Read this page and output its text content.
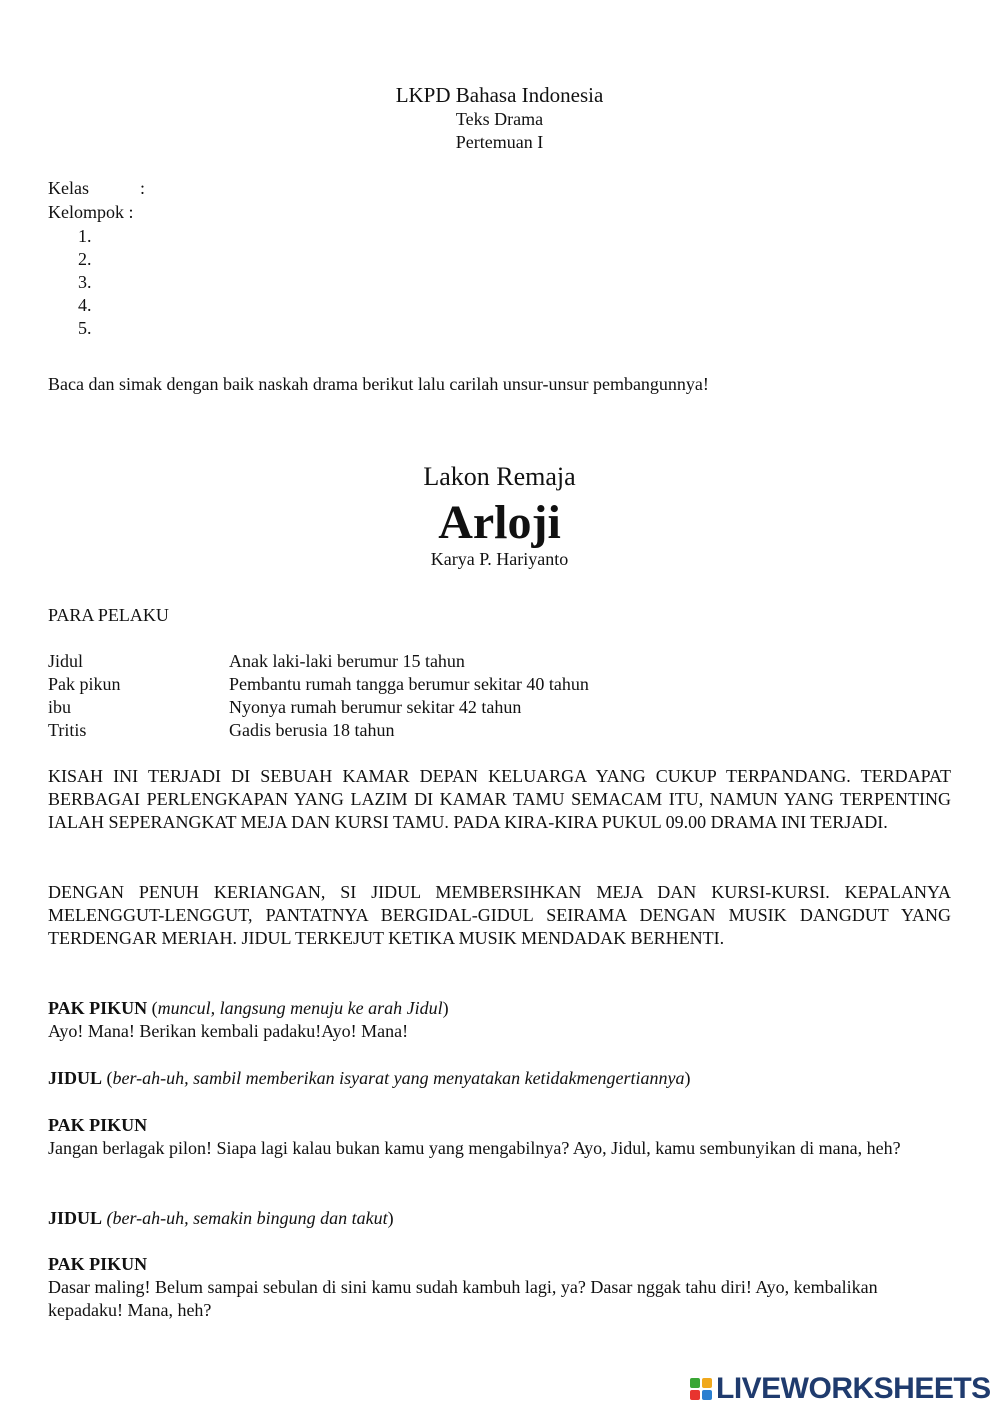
LKPD Bahasa Indonesia
Teks Drama
Pertemuan I
Kelas	:
Kelompok :
1.
2.
3.
4.
5.
Baca dan simak dengan baik naskah drama berikut lalu carilah unsur-unsur pembangunnya!
Lakon Remaja
Arloji
Karya P. Hariyanto
PARA PELAKU
Jidul	Anak laki-laki berumur 15 tahun
Pak pikun	Pembantu rumah tangga berumur sekitar 40 tahun
ibu	Nyonya rumah berumur sekitar 42 tahun
Tritis	Gadis berusia 18 tahun
KISAH INI TERJADI DI SEBUAH KAMAR DEPAN KELUARGA YANG CUKUP TERPANDANG. TERDAPAT BERBAGAI PERLENGKAPAN YANG LAZIM DI KAMAR TAMU SEMACAM ITU, NAMUN YANG TERPENTING IALAH SEPERANGKAT MEJA DAN KURSI TAMU. PADA KIRA-KIRA PUKUL 09.00 DRAMA INI TERJADI.
DENGAN PENUH KERIANGAN, SI JIDUL MEMBERSIHKAN MEJA DAN KURSI-KURSI. KEPALANYA MELENGGUT-LENGGUT, PANTATNYA BERGIDAL-GIDUL SEIRAMA DENGAN MUSIK DANGDUT YANG TERDENGAR MERIAH. JIDUL TERKEJUT KETIKA MUSIK MENDADAK BERHENTI.
PAK PIKUN (muncul, langsung menuju ke arah Jidul)
Ayo! Mana! Berikan kembali padaku!Ayo! Mana!
JIDUL (ber-ah-uh, sambil memberikan isyarat yang menyatakan ketidakmengertiannya)
PAK PIKUN
Jangan berlagak pilon! Siapa lagi kalau bukan kamu yang mengabilnya? Ayo, Jidul, kamu sembunyikan di mana, heh?
JIDUL (ber-ah-uh, semakin bingung dan takut)
PAK PIKUN
Dasar maling! Belum sampai sebulan di sini kamu sudah kambuh lagi, ya? Dasar nggak tahu diri! Ayo, kembalikan kepadaku! Mana, heh?
LIVEWORKSHEETS
